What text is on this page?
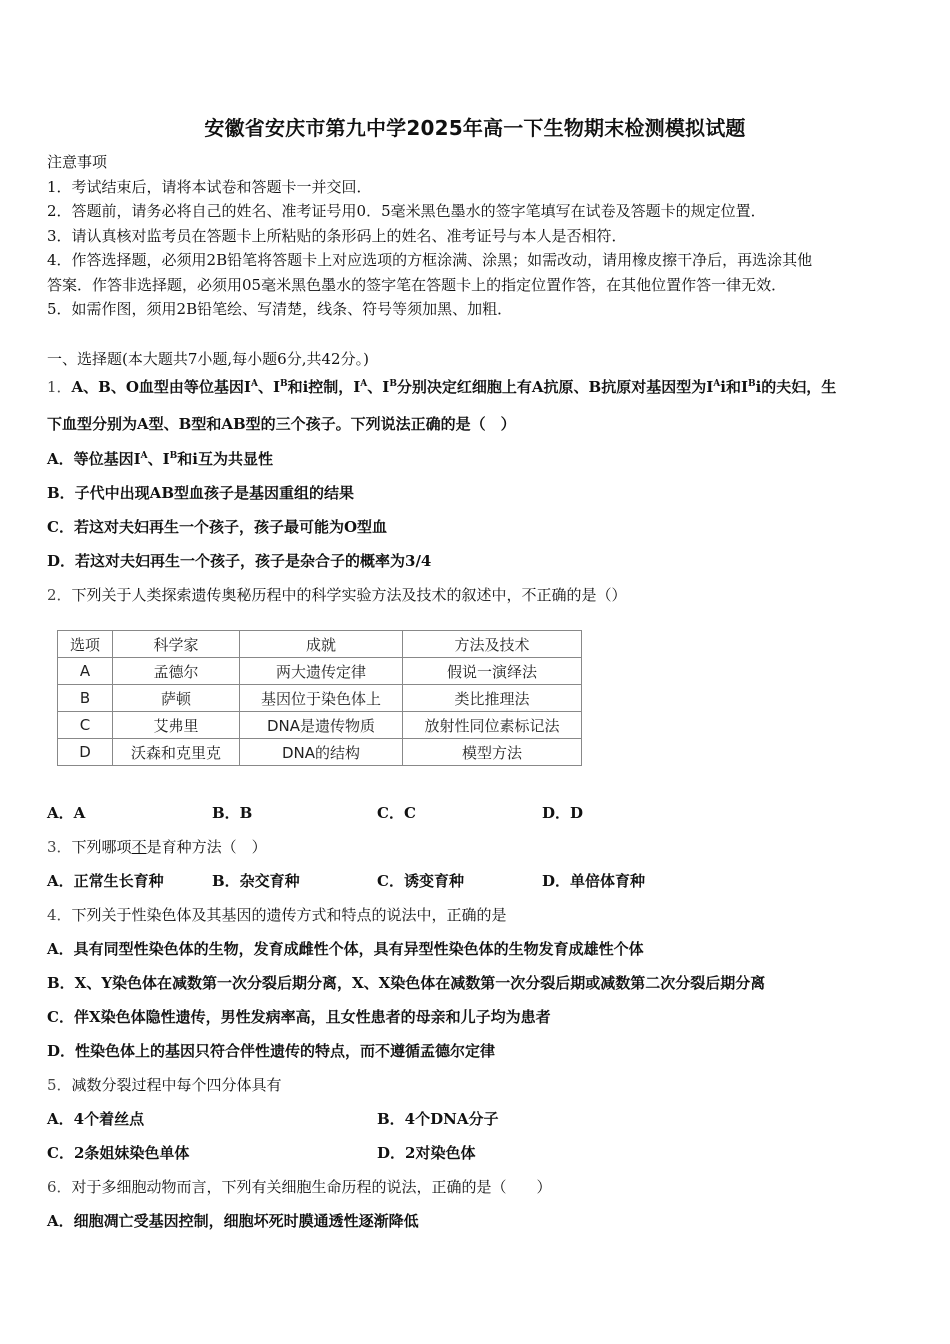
安徽省安庆市第九中学2025年高一下生物期末检测模拟试题
注意事项
1．考试结束后，请将本试卷和答题卡一并交回．
2．答题前，请务必将自己的姓名、准考证号用0．5毫米黑色墨水的签字笔填写在试卷及答题卡的规定位置．
3．请认真核对监考员在答题卡上所粘贴的条形码上的姓名、准考证号与本人是否相符．
4．作答选择题，必须用2B铅笔将答题卡上对应选项的方框涂满、涂黑；如需改动，请用橡皮擦干净后，再选涂其他
答案．作答非选择题，必须用05毫米黑色墨水的签字笔在答题卡上的指定位置作答，在其他位置作答一律无效．
5．如需作图，须用2B铅笔绘、写清楚，线条、符号等须加黑、加粗．
一、选择题(本大题共7小题,每小题6分,共42分。)
1．A、B、O血型由等位基因$I^A$、$I^B$和i控制，$I^A$、$I^B$分别决定红细胞上有A抗原、B抗原对基因型为$I^Ai$和$I^Bi$的夫妇，生
下血型分别为A型、B型和AB型的三个孩子。下列说法正确的是（　）
A．等位基因$I^A$、$I^B$和i互为共显性
B．子代中出现AB型血孩子是基因重组的结果
C．若这对夫妇再生一个孩子，孩子最可能为O型血
D．若这对夫妇再生一个孩子，孩子是杂合子的概率为3/4
2．下列关于人类探索遗传奥秘历程中的科学实验方法及技术的叙述中，不正确的是（）
选项	科学家	成就	方法及技术
A	孟德尔	两大遗传定律	假说一演绎法
B	萨顿	基因位于染色体上	类比推理法
C	艾弗里	DNA是遗传物质	放射性同位素标记法
D	沃森和克里克	DNA的结构	模型方法
A．A	B．B	C．C	D．D
3．下列哪项不是育种方法（　）
A．正常生长育种	B．杂交育种	C．诱变育种	D．单倍体育种
4．下列关于性染色体及其基因的遗传方式和特点的说法中，正确的是
A．具有同型性染色体的生物，发育成雌性个体，具有异型性染色体的生物发育成雄性个体
B．X、Y染色体在减数第一次分裂后期分离，X、X染色体在减数第一次分裂后期或减数第二次分裂后期分离
C．伴X染色体隐性遗传，男性发病率高，且女性患者的母亲和儿子均为患者
D．性染色体上的基因只符合伴性遗传的特点，而不遵循孟德尔定律
5．减数分裂过程中每个四分体具有
A．4个着丝点	B．4个DNA分子
C．2条姐妹染色单体	D．2对染色体
6．对于多细胞动物而言，下列有关细胞生命历程的说法，正确的是（　　）
A．细胞凋亡受基因控制，细胞坏死时膜通透性逐渐降低
